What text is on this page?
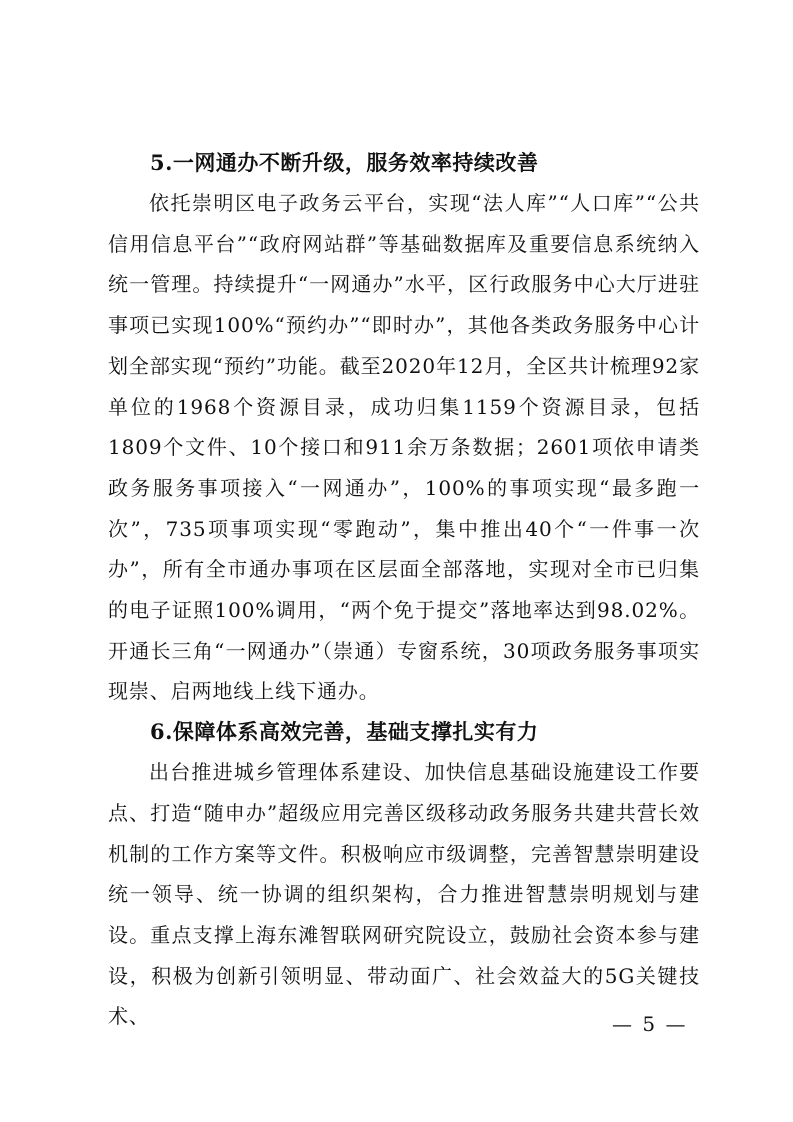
5.一网通办不断升级，服务效率持续改善

依托崇明区电子政务云平台，实现“法人库”“人口库”“公共信用信息平台”“政府网站群”等基础数据库及重要信息系统纳入统一管理。持续提升“一网通办”水平，区行政服务中心大厅进驻事项已实现100%“预约办”“即时办”，其他各类政务服务中心计划全部实现“预约”功能。截至2020年12月，全区共计梳理92家单位的1968个资源目录，成功归集1159个资源目录，包括1809个文件、10个接口和911余万条数据；2601项依申请类政务服务事项接入“一网通办”，100%的事项实现“最多跑一次”，735项事项实现“零跑动”，集中推出40个“一件事一次办”，所有全市通办事项在区层面全部落地，实现对全市已归集的电子证照100%调用，“两个免于提交”落地率达到98.02%。开通长三角“一网通办”（崇通）专窗系统，30项政务服务事项实现崇、启两地线上线下通办。

6.保障体系高效完善，基础支撑扎实有力

出台推进城乡管理体系建设、加快信息基础设施建设工作要点、打造“随申办”超级应用完善区级移动政务服务共建共营长效机制的工作方案等文件。积极响应市级调整，完善智慧崇明建设统一领导、统一协调的组织架构，合力推进智慧崇明规划与建设。重点支撑上海东滩智联网研究院设立，鼓励社会资本参与建设，积极为创新引领明显、带动面广、社会效益大的5G关键技术、	— 5 —
